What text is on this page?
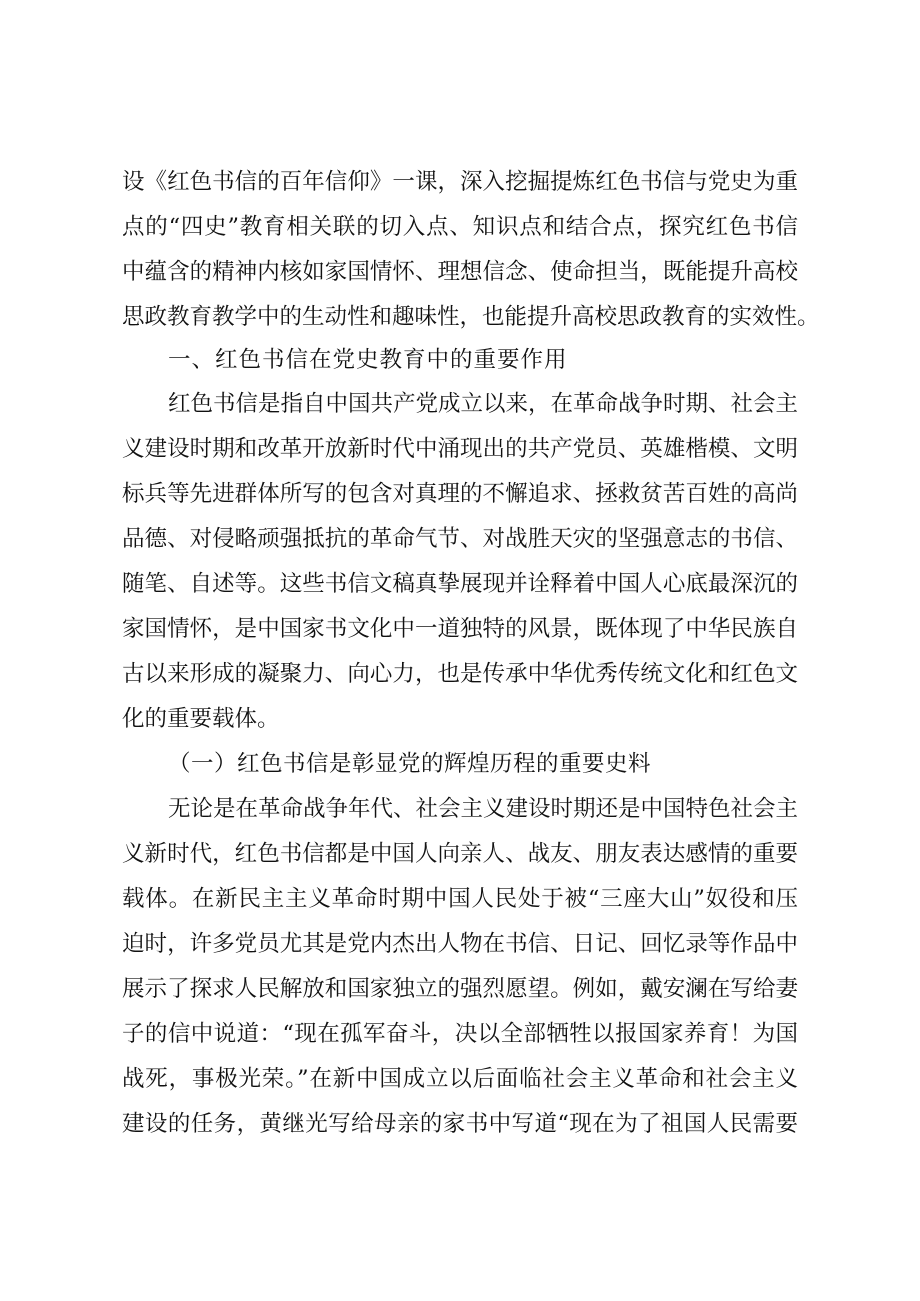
设《红色书信的百年信仰》一课，深入挖掘提炼红色书信与党史为重
点的“四史”教育相关联的切入点、知识点和结合点，探究红色书信
中蕴含的精神内核如家国情怀、理想信念、使命担当，既能提升高校
思政教育教学中的生动性和趣味性，也能提升高校思政教育的实效性。
一、红色书信在党史教育中的重要作用
红色书信是指自中国共产党成立以来，在革命战争时期、社会主
义建设时期和改革开放新时代中涌现出的共产党员、英雄楷模、文明
标兵等先进群体所写的包含对真理的不懈追求、拯救贫苦百姓的高尚
品德、对侵略顽强抵抗的革命气节、对战胜天灾的坚强意志的书信、
随笔、自述等。这些书信文稿真挚展现并诠释着中国人心底最深沉的
家国情怀，是中国家书文化中一道独特的风景，既体现了中华民族自
古以来形成的凝聚力、向心力，也是传承中华优秀传统文化和红色文
化的重要载体。
（一）红色书信是彰显党的辉煌历程的重要史料
无论是在革命战争年代、社会主义建设时期还是中国特色社会主
义新时代，红色书信都是中国人向亲人、战友、朋友表达感情的重要
载体。在新民主主义革命时期中国人民处于被“三座大山”奴役和压
迫时，许多党员尤其是党内杰出人物在书信、日记、回忆录等作品中
展示了探求人民解放和国家独立的强烈愿望。例如，戴安澜在写给妻
子的信中说道：“现在孤军奋斗，决以全部牺牲以报国家养育！为国
战死，事极光荣。”在新中国成立以后面临社会主义革命和社会主义
建设的任务，黄继光写给母亲的家书中写道“现在为了祖国人民需要
